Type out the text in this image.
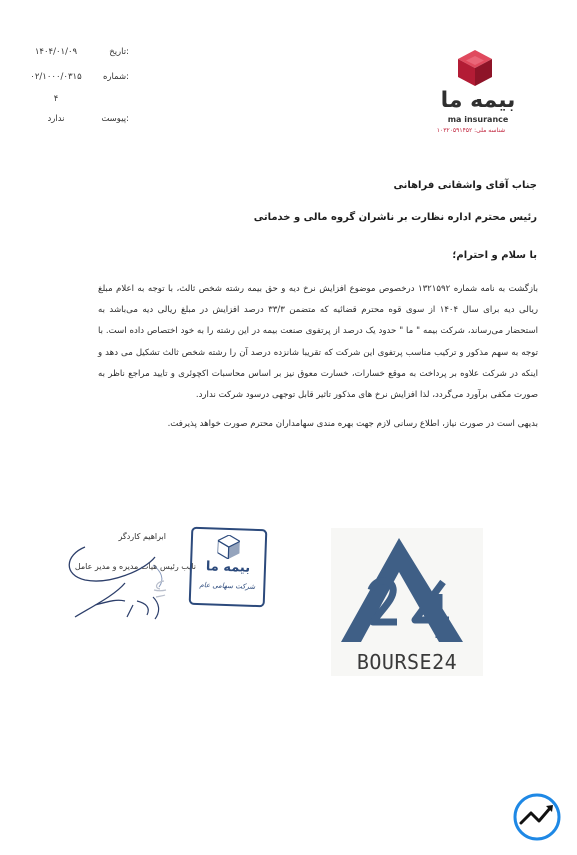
تاریخ:
۱۴۰۴/۰۱/۰۹
شماره:
۰۲/۱۰۰۰/۰۳۱۵
۴
پیوست:
ندارد
بیمه ما
ma insurance
شناسه ملی: ۱۰۳۲۰۵۹۱۴۵۲
جناب آقای واشقانی فراهانی
رئیس محترم اداره نظارت بر ناشران گروه مالی و خدماتی
با سلام و احترام؛

بازگشت به نامه شماره ۱۳۲۱۵۹۲ درخصوص موضوع افزایش نرخ دیه و حق بیمه رشته شخص ثالث، با توجه به اعلام مبلغ ریالی دیه برای سال ۱۴۰۴ از سوی قوه محترم قضائیه که متضمن ۳۳/۳ درصد افزایش در مبلغ ریالی دیه می‌باشد به استحضار می‌رساند، شرکت بیمه " ما " حدود یک درصد از پرتفوی صنعت بیمه در این رشته را به خود اختصاص داده است. با توجه به سهم مذکور و ترکیب مناسب پرتفوی این شرکت که تقریبا شانزده درصد آن را رشته شخص ثالث تشکیل می دهد و اینکه در شرکت علاوه بر پرداخت به موقع خسارات، خسارت معوق نیز بر اساس محاسبات اکچوئری و تایید مراجع ناظر به صورت مکفی برآورد می‌گردد، لذا افزایش نرخ های مذکور تاثیر قابل توجهی درسود شرکت ندارد.

بدیهی است در صورت نیاز، اطلاع رسانی لازم جهت بهره مندی سهامداران محترم صورت خواهد پذیرفت.

ابراهیم کاردگر
نایب رئیس هیات مدیره و مدیر عامل بیمه ما
شرکت سهامی عام
BOURSE24
